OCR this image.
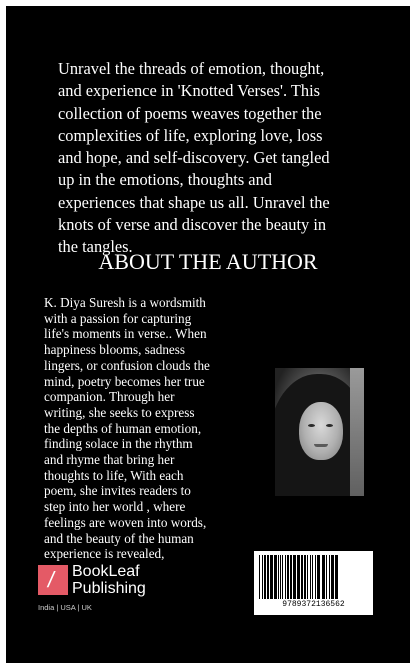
Unravel the threads of emotion, thought,
and experience in 'Knotted Verses'. This
collection of poems weaves together the
complexities of life, exploring love, loss
and hope, and self-discovery. Get tangled
up in the emotions, thoughts and
experiences that shape us all. Unravel the
knots of verse and discover the beauty in
the tangles.

ABOUT THE AUTHOR

K. Diya Suresh is a wordsmith
with a passion for capturing
life's moments in verse.. When
happiness blooms, sadness
lingers, or confusion clouds the
mind, poetry becomes her true
companion. Through her
writing, she seeks to express
the depths of human emotion,
finding solace in the rhythm
and rhyme that bring her
thoughts to life, With each
poem, she invites readers to
step into her world , where
feelings are woven into words,
and the beauty of the human
experience is revealed,

/ BookLeaf
Publishing
India | USA | UK	9789372136562
